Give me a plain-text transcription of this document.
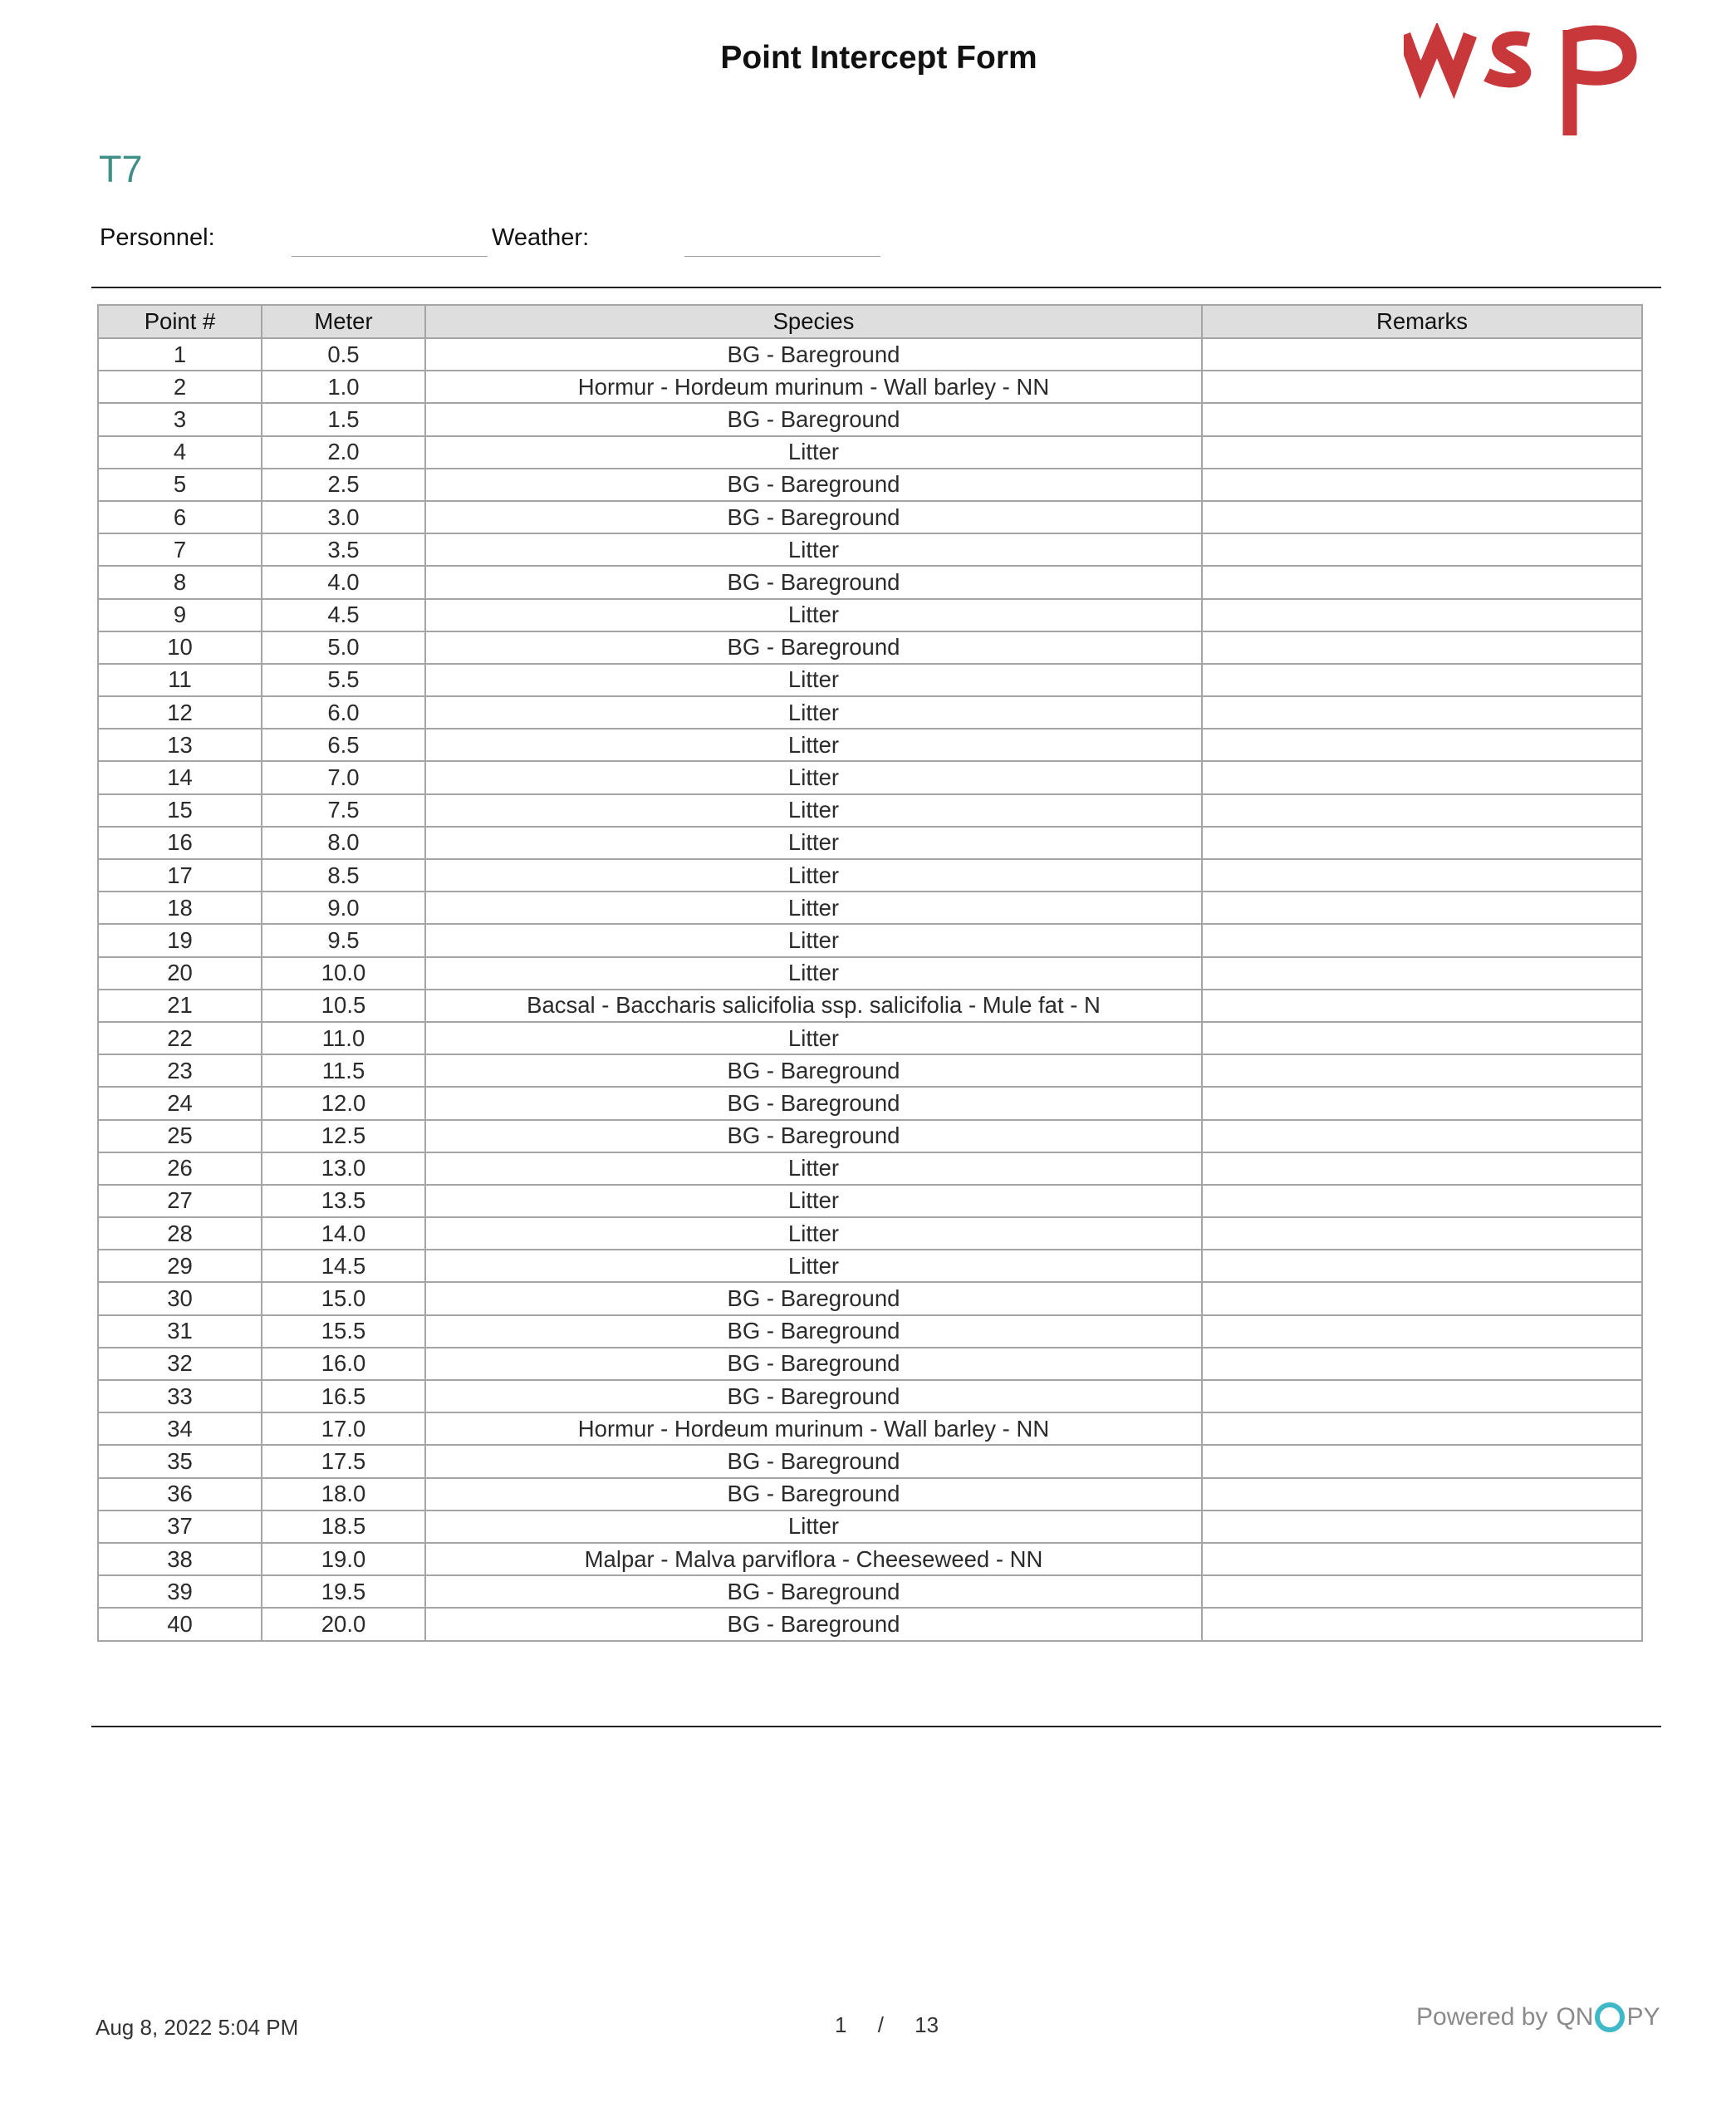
Point Intercept Form
T7
Personnel:	Weather:
Point #	Meter	Species	Remarks
1	0.5	BG - Bareground	
2	1.0	Hormur - Hordeum murinum - Wall barley - NN	
3	1.5	BG - Bareground	
4	2.0	Litter	
5	2.5	BG - Bareground	
6	3.0	BG - Bareground	
7	3.5	Litter	
8	4.0	BG - Bareground	
9	4.5	Litter	
10	5.0	BG - Bareground	
11	5.5	Litter	
12	6.0	Litter	
13	6.5	Litter	
14	7.0	Litter	
15	7.5	Litter	
16	8.0	Litter	
17	8.5	Litter	
18	9.0	Litter	
19	9.5	Litter	
20	10.0	Litter	
21	10.5	Bacsal - Baccharis salicifolia ssp. salicifolia - Mule fat - N	
22	11.0	Litter	
23	11.5	BG - Bareground	
24	12.0	BG - Bareground	
25	12.5	BG - Bareground	
26	13.0	Litter	
27	13.5	Litter	
28	14.0	Litter	
29	14.5	Litter	
30	15.0	BG - Bareground	
31	15.5	BG - Bareground	
32	16.0	BG - Bareground	
33	16.5	BG - Bareground	
34	17.0	Hormur - Hordeum murinum - Wall barley - NN	
35	17.5	BG - Bareground	
36	18.0	BG - Bareground	
37	18.5	Litter	
38	19.0	Malpar - Malva parviflora - Cheeseweed - NN	
39	19.5	BG - Bareground	
40	20.0	BG - Bareground	
Aug 8, 2022 5:04 PM	1 / 13	Powered by QN PY
